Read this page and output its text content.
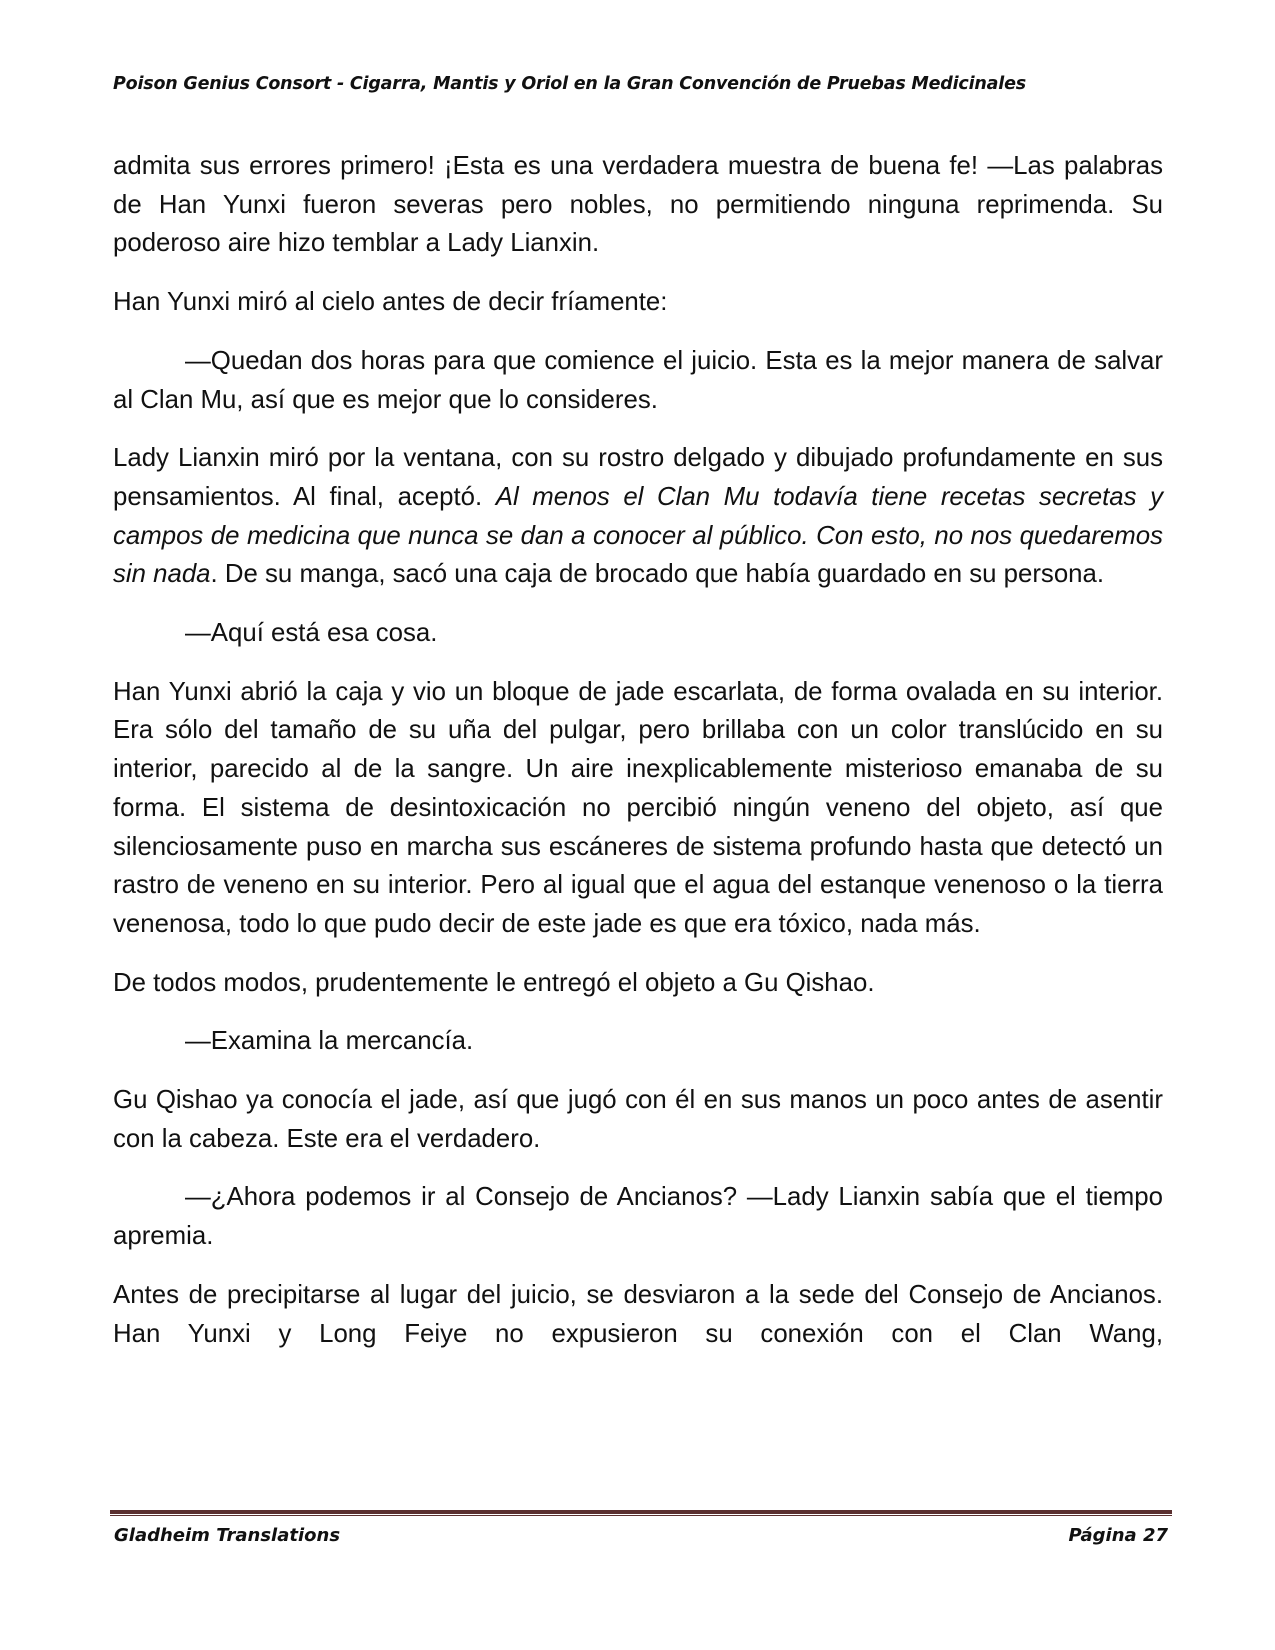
Poison Genius Consort - Cigarra, Mantis y Oriol en la Gran Convención de Pruebas Medicinales

admita sus errores primero! ¡Esta es una verdadera muestra de buena fe! —Las palabras de Han Yunxi fueron severas pero nobles, no permitiendo ninguna reprimenda. Su poderoso aire hizo temblar a Lady Lianxin.

Han Yunxi miró al cielo antes de decir fríamente:

—Quedan dos horas para que comience el juicio. Esta es la mejor manera de salvar al Clan Mu, así que es mejor que lo consideres.

Lady Lianxin miró por la ventana, con su rostro delgado y dibujado profundamente en sus pensamientos. Al final, aceptó. Al menos el Clan Mu todavía tiene recetas secretas y campos de medicina que nunca se dan a conocer al público. Con esto, no nos quedaremos sin nada. De su manga, sacó una caja de brocado que había guardado en su persona.

—Aquí está esa cosa.

Han Yunxi abrió la caja y vio un bloque de jade escarlata, de forma ovalada en su interior. Era sólo del tamaño de su uña del pulgar, pero brillaba con un color translúcido en su interior, parecido al de la sangre. Un aire inexplicablemente misterioso emanaba de su forma. El sistema de desintoxicación no percibió ningún veneno del objeto, así que silenciosamente puso en marcha sus escáneres de sistema profundo hasta que detectó un rastro de veneno en su interior. Pero al igual que el agua del estanque venenoso o la tierra venenosa, todo lo que pudo decir de este jade es que era tóxico, nada más.

De todos modos, prudentemente le entregó el objeto a Gu Qishao.

—Examina la mercancía.

Gu Qishao ya conocía el jade, así que jugó con él en sus manos un poco antes de asentir con la cabeza. Este era el verdadero.

—¿Ahora podemos ir al Consejo de Ancianos? —Lady Lianxin sabía que el tiempo apremia.

Antes de precipitarse al lugar del juicio, se desviaron a la sede del Consejo de Ancianos. Han Yunxi y Long Feiye no expusieron su conexión con el Clan Wang,

Gladheim Translations	Página 27
